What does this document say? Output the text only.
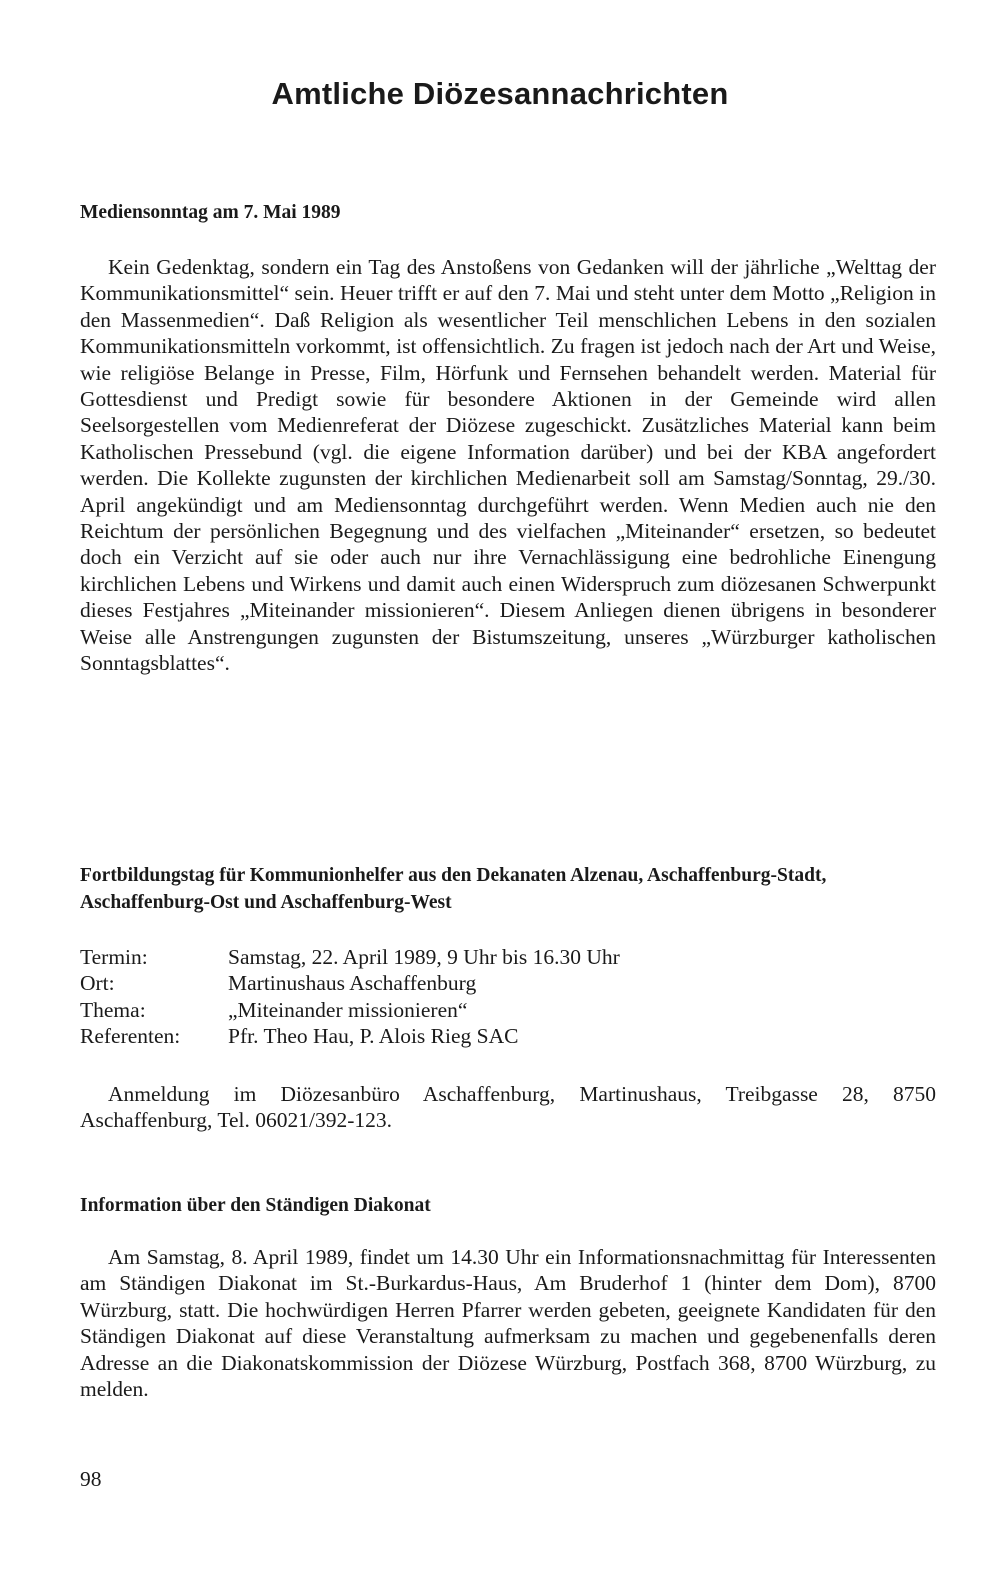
Amtliche Diözesannachrichten
Mediensonntag am 7. Mai 1989

Kein Gedenktag, sondern ein Tag des Anstoßens von Gedanken will der jährliche „Welttag der Kommunikationsmittel“ sein. Heuer trifft er auf den 7. Mai und steht unter dem Motto „Religion in den Massenmedien“. Daß Religion als wesentlicher Teil menschlichen Lebens in den sozialen Kommunikationsmitteln vorkommt, ist offensichtlich. Zu fragen ist jedoch nach der Art und Weise, wie religiöse Belange in Presse, Film, Hörfunk und Fernsehen behandelt werden. Material für Gottesdienst und Predigt sowie für besondere Aktionen in der Gemeinde wird allen Seelsorgestellen vom Medienreferat der Diözese zugeschickt. Zusätzliches Material kann beim Katholischen Pressebund (vgl. die eigene Information darüber) und bei der KBA angefordert werden. Die Kollekte zugunsten der kirchlichen Medienarbeit soll am Samstag/Sonntag, 29./30. April angekündigt und am Mediensonntag durchgeführt werden. Wenn Medien auch nie den Reichtum der persönlichen Begegnung und des vielfachen „Miteinander“ ersetzen, so bedeutet doch ein Verzicht auf sie oder auch nur ihre Vernachlässigung eine bedrohliche Einengung kirchlichen Lebens und Wirkens und damit auch einen Widerspruch zum diözesanen Schwerpunkt dieses Festjahres „Miteinander missionieren“. Diesem Anliegen dienen übrigens in besonderer Weise alle Anstrengungen zugunsten der Bistumszeitung, unseres „Würzburger katholischen Sonntagsblattes“.

Fortbildungstag für Kommunionhelfer aus den Dekanaten Alzenau, Aschaffenburg-Stadt, Aschaffenburg-Ost und Aschaffenburg-West
Termin:	Samstag, 22. April 1989, 9 Uhr bis 16.30 Uhr
Ort:	Martinushaus Aschaffenburg
Thema:	„Miteinander missionieren“
Referenten:	Pfr. Theo Hau, P. Alois Rieg SAC

Anmeldung im Diözesanbüro Aschaffenburg, Martinushaus, Treibgasse 28, 8750 Aschaffenburg, Tel. 06021/392-123.

Information über den Ständigen Diakonat

Am Samstag, 8. April 1989, findet um 14.30 Uhr ein Informationsnachmittag für Interessenten am Ständigen Diakonat im St.-Burkardus-Haus, Am Bruderhof 1 (hinter dem Dom), 8700 Würzburg, statt. Die hochwürdigen Herren Pfarrer werden gebeten, geeignete Kandidaten für den Ständigen Diakonat auf diese Veranstaltung aufmerksam zu machen und gegebenenfalls deren Adresse an die Diakonatskommission der Diözese Würzburg, Postfach 368, 8700 Würzburg, zu melden.

98
